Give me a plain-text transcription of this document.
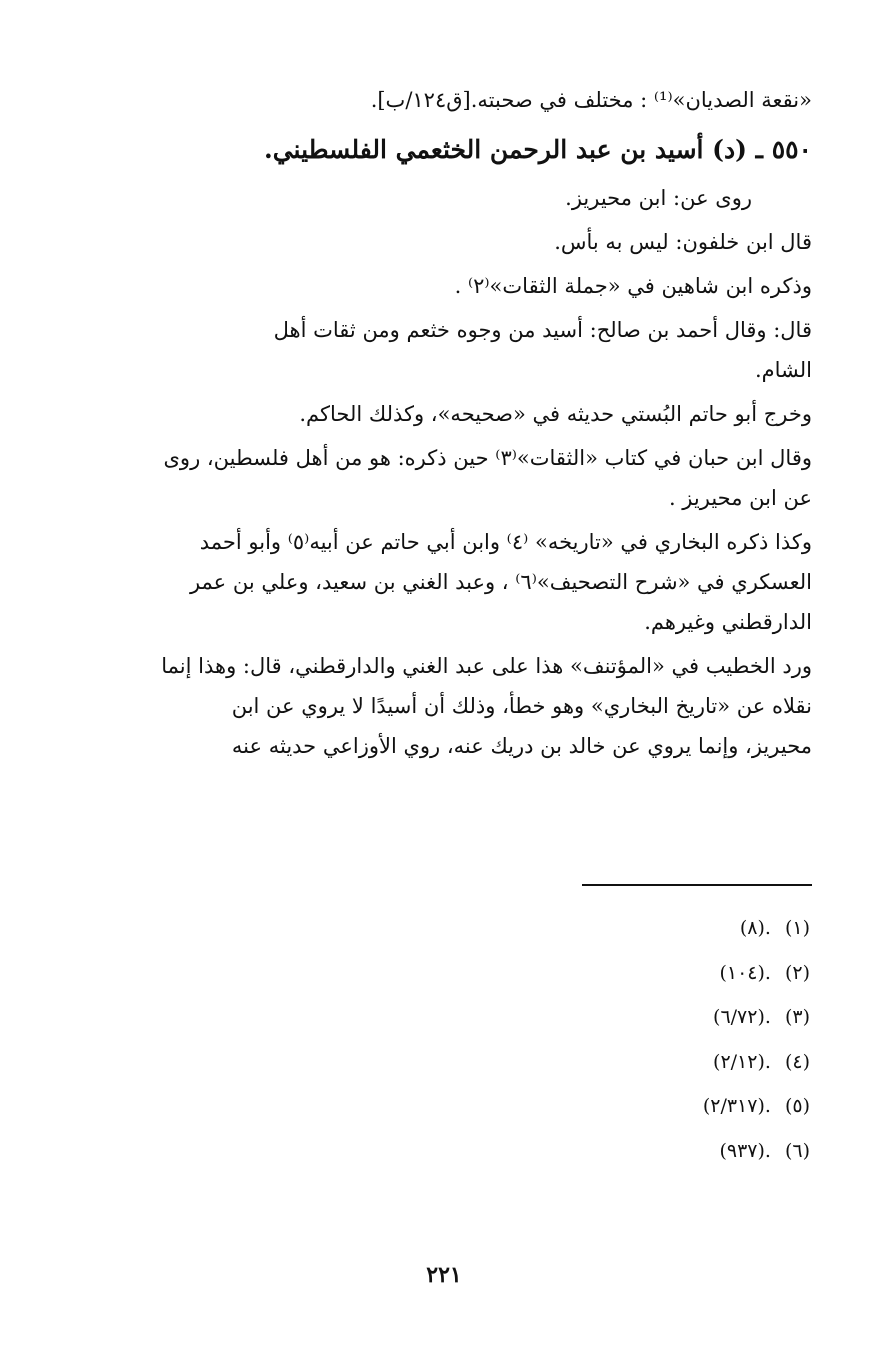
«نقعة الصديان»⁽¹⁾ : مختلف في صحبته.[ق١٢٤/ب].
٥٥٠ ـ (د) أسيد بن عبد الرحمن الخثعمي الفلسطيني.
روى عن: ابن محيريز.
قال ابن خلفون: ليس به بأس.
وذكره ابن شاهين في «جملة الثقات»⁽٢⁾ .
قال: وقال أحمد بن صالح: أسيد من وجوه خثعم ومن ثقات أهل
الشام.
وخرج أبو حاتم البُستي حديثه في «صحيحه»، وكذلك الحاكم.
وقال ابن حبان في كتاب «الثقات»⁽٣⁾ حين ذكره: هو من أهل فلسطين، روى
عن ابن محيريز .
وكذا ذكره البخاري في «تاريخه» ⁽٤⁾ وابن أبي حاتم عن أبيه⁽٥⁾ وأبو أحمد
العسكري في «شرح التصحيف»⁽٦⁾ ، وعبد الغني بن سعيد، وعلي بن عمر
الدارقطني وغيرهم.
ورد الخطيب في «المؤتنف» هذا على عبد الغني والدارقطني، قال: وهذا إنما
نقلاه عن «تاريخ البخاري» وهو خطأ، وذلك أن أسيدًا لا يروي عن ابن
محيريز، وإنما يروي عن خالد بن دريك عنه، روي الأوزاعي حديثه عنه
(١).(٨)
(٢).(١٠٤)
(٣).(٦/٧٢)
(٤).(٢/١٢)
(٥).(٢/٣١٧)
(٦).(٩٣٧)
٢٢١
